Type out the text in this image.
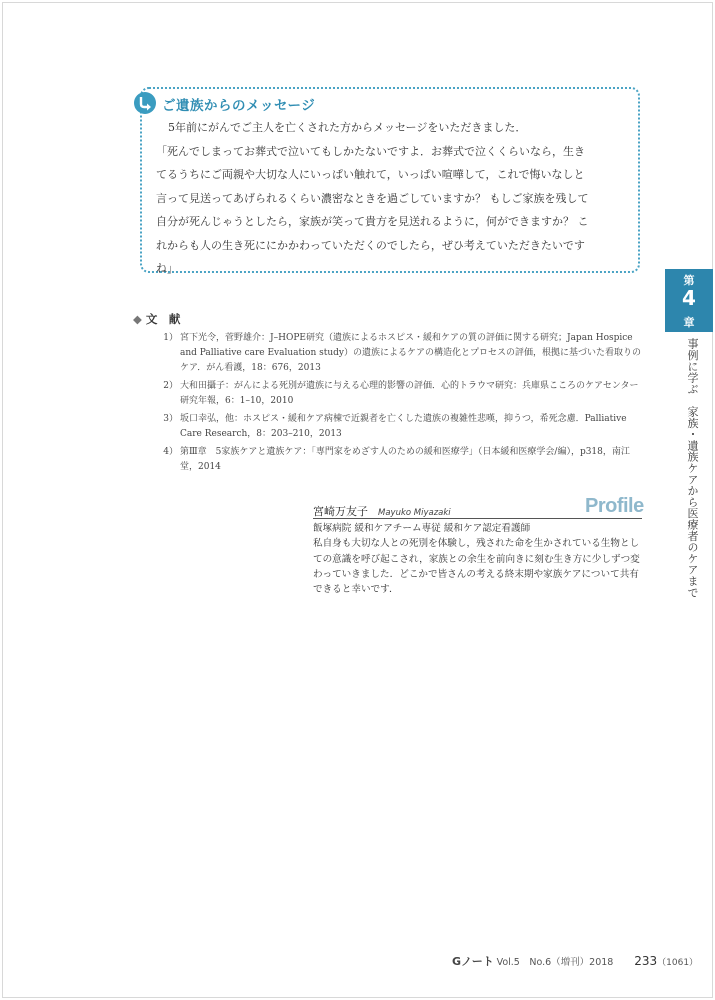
ご遺族からのメッセージ

5年前にがんでご主人を亡くされた方からメッセージをいただきました．

「死んでしまってお葬式で泣いてもしかたないですよ．お葬式で泣くくらいなら，生き

てるうちにご両親や大切な人にいっぱい触れて，いっぱい喧嘩して，これで悔いなしと

言って見送ってあげられるくらい濃密なときを過ごしていますか？ もしご家族を残して

自分が死んじゃうとしたら，家族が笑って貴方を見送れるように，何ができますか？ こ

れからも人の生き死ににかかわっていただくのでしたら，ぜひ考えていただきたいです

ね」

◆ 文　献
1） 宮下光令，菅野雄介：J–HOPE研究（遺族によるホスピス・緩和ケアの質の評価に関する研究；Japan Hospice and Palliative care Evaluation study）の遺族によるケアの構造化とプロセスの評価，根拠に基づいた看取りのケア．がん看護，18：676，2013
2） 大和田攝子：がんによる死別が遺族に与える心理的影響の評価．心的トラウマ研究：兵庫県こころのケアセンター研究年報，6：1–10，2010
3） 坂口幸弘，他：ホスピス・緩和ケア病棟で近親者を亡くした遺族の複雑性悲嘆，抑うつ，希死念慮．Palliative Care Research，8：203–210，2013
4） 第Ⅲ章　5家族ケアと遺族ケア：「専門家をめざす人のための緩和医療学」（日本緩和医療学会/編），p318，南江堂，2014
宮崎万友子 Mayuko Miyazaki	Profile

飯塚病院 緩和ケアチーム専従 緩和ケア認定看護師

私自身も大切な人との死別を体験し，残された命を生かされている生物としての意識を呼び起こされ，家族との余生を前向きに刻む生き方に少しずつ変わっていきました．どこかで皆さんの考える終末期や家族ケアについて共有できると幸いです．

第
4
章
事例に学ぶ　家族・遺族ケアから医療者のケアまで
Gノート Vol.5　No.6（増刊）2018 233（1061）
